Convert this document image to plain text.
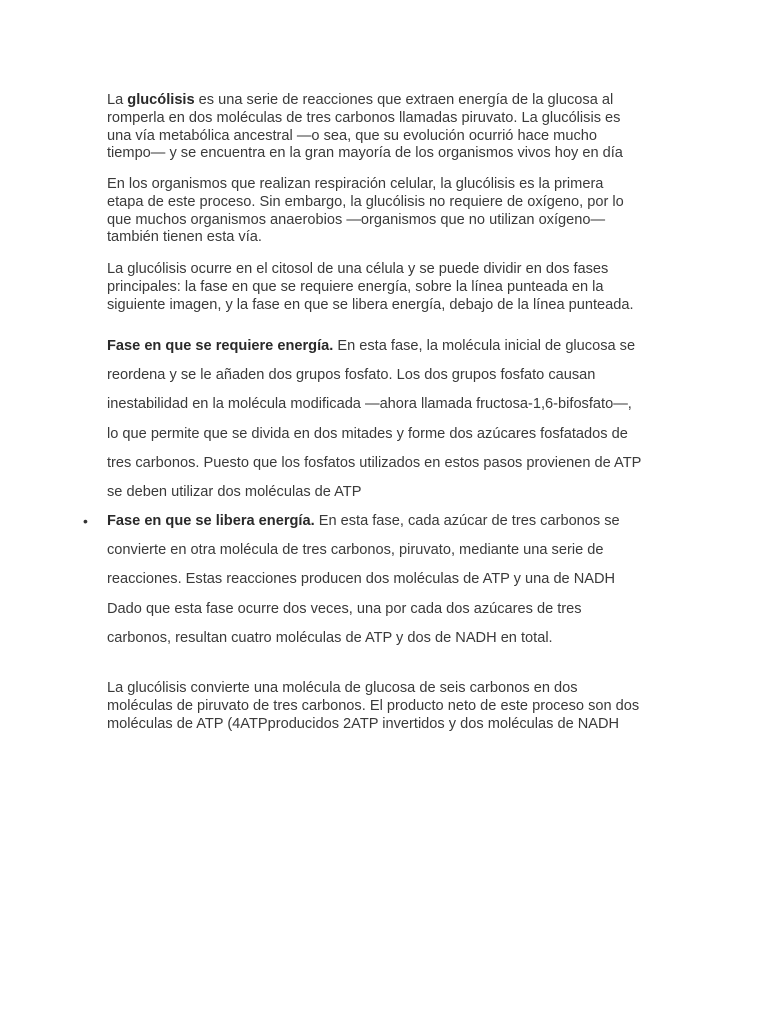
La glucólisis es una serie de reacciones que extraen energía de la glucosa al
romperla en dos moléculas de tres carbonos llamadas piruvato. La glucólisis es
una vía metabólica ancestral —o sea, que su evolución ocurrió hace mucho
tiempo— y se encuentra en la gran mayoría de los organismos vivos hoy en día

En los organismos que realizan respiración celular, la glucólisis es la primera
etapa de este proceso. Sin embargo, la glucólisis no requiere de oxígeno, por lo
que muchos organismos anaerobios —organismos que no utilizan oxígeno—
también tienen esta vía.

La glucólisis ocurre en el citosol de una célula y se puede dividir en dos fases
principales: la fase en que se requiere energía, sobre la línea punteada en la
siguiente imagen, y la fase en que se libera energía, debajo de la línea punteada.

Fase en que se requiere energía. En esta fase, la molécula inicial de glucosa se
reordena y se le añaden dos grupos fosfato. Los dos grupos fosfato causan
inestabilidad en la molécula modificada —ahora llamada fructosa-1,6-bifosfato—,
lo que permite que se divida en dos mitades y forme dos azúcares fosfatados de
tres carbonos. Puesto que los fosfatos utilizados en estos pasos provienen de ATP
se deben utilizar dos moléculas de ATP

• Fase en que se libera energía. En esta fase, cada azúcar de tres carbonos se
convierte en otra molécula de tres carbonos, piruvato, mediante una serie de
reacciones. Estas reacciones producen dos moléculas de ATP y una de NADH
Dado que esta fase ocurre dos veces, una por cada dos azúcares de tres
carbonos, resultan cuatro moléculas de ATP y dos de NADH en total.

La glucólisis convierte una molécula de glucosa de seis carbonos en dos
moléculas de piruvato de tres carbonos. El producto neto de este proceso son dos
moléculas de ATP (4ATPproducidos 2ATP invertidos y dos moléculas de NADH
